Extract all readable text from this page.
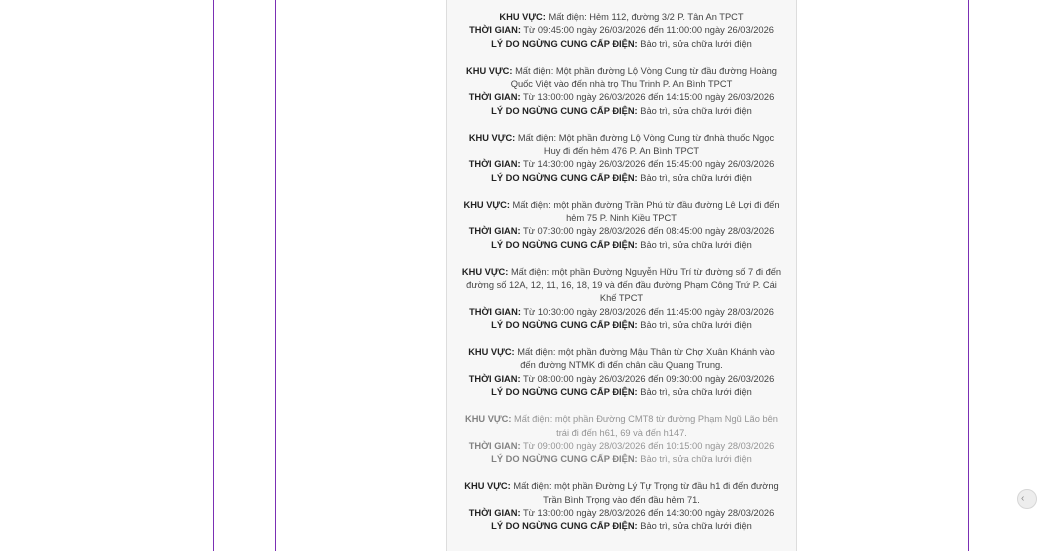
KHU VỰC: Mất điện: Hẻm 112, đường 3/2 P. Tân An TPCT
THỜI GIAN: Từ 09:45:00 ngày 26/03/2026 đến 11:00:00 ngày 26/03/2026
LÝ DO NGỪNG CUNG CẤP ĐIỆN: Bảo trì, sửa chữa lưới điện
KHU VỰC: Mất điện: Một phần đường Lộ Vòng Cung từ đầu đường Hoàng Quốc Việt vào đến nhà trọ Thu Trinh P. An Bình TPCT
THỜI GIAN: Từ 13:00:00 ngày 26/03/2026 đến 14:15:00 ngày 26/03/2026
LÝ DO NGỪNG CUNG CẤP ĐIỆN: Bảo trì, sửa chữa lưới điện
KHU VỰC: Mất điện: Một phần đường Lộ Vòng Cung từ đnhà thuốc Ngọc Huy đi đến hẻm 476 P. An Bình TPCT
THỜI GIAN: Từ 14:30:00 ngày 26/03/2026 đến 15:45:00 ngày 26/03/2026
LÝ DO NGỪNG CUNG CẤP ĐIỆN: Bảo trì, sửa chữa lưới điện
KHU VỰC: Mất điện: một phần đường Trần Phú từ đầu đường Lê Lợi đi đến hẻm 75 P. Ninh Kiều TPCT
THỜI GIAN: Từ 07:30:00 ngày 28/03/2026 đến 08:45:00 ngày 28/03/2026
LÝ DO NGỪNG CUNG CẤP ĐIỆN: Bảo trì, sửa chữa lưới điện
KHU VỰC: Mất điện: một phần Đường Nguyễn Hữu Trí từ đường số 7 đi đến đường số 12A, 12, 11, 16, 18, 19 và đến đầu đường Phạm Công Trứ P. Cái Khế TPCT
THỜI GIAN: Từ 10:30:00 ngày 28/03/2026 đến 11:45:00 ngày 28/03/2026
LÝ DO NGỪNG CUNG CẤP ĐIỆN: Bảo trì, sửa chữa lưới điện
KHU VỰC: Mất điện: một phần đường Mậu Thân từ Chợ Xuân Khánh vào đến đường NTMK đi đến chân cầu Quang Trung.
THỜI GIAN: Từ 08:00:00 ngày 26/03/2026 đến 09:30:00 ngày 26/03/2026
LÝ DO NGỪNG CUNG CẤP ĐIỆN: Bảo trì, sửa chữa lưới điện
KHU VỰC: Mất điện: một phần Đường CMT8 từ đường Phạm Ngũ Lão bên trái đi đến h61, 69 và đến h147.
THỜI GIAN: Từ 09:00:00 ngày 28/03/2026 đến 10:15:00 ngày 28/03/2026
LÝ DO NGỪNG CUNG CẤP ĐIỆN: Bảo trì, sửa chữa lưới điện
KHU VỰC: Mất điện: một phần Đường Lý Tự Trọng từ đầu h1 đi đến đường Trần Bình Trọng vào đến đầu hẻm 71.
THỜI GIAN: Từ 13:00:00 ngày 28/03/2026 đến 14:30:00 ngày 28/03/2026
LÝ DO NGỪNG CUNG CẤP ĐIỆN: Bảo trì, sửa chữa lưới điện
‹
